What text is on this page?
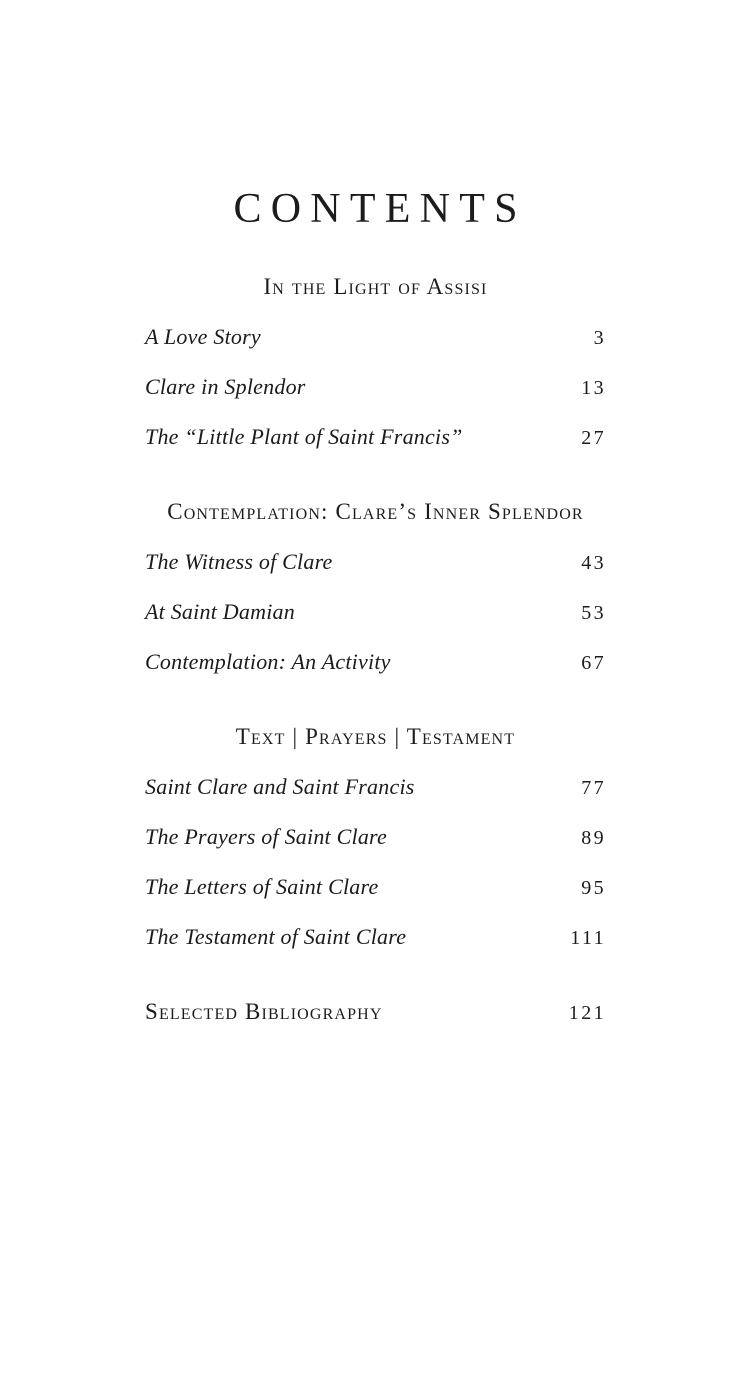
CONTENTS
In the Light of Assisi
A Love Story	3
Clare in Splendor	13
The “Little Plant of Saint Francis”	27
Contemplation: Clare’s Inner Splendor
The Witness of Clare	43
At Saint Damian	53
Contemplation: An Activity	67
Text | Prayers | Testament
Saint Clare and Saint Francis	77
The Prayers of Saint Clare	89
The Letters of Saint Clare	95
The Testament of Saint Clare	111
Selected Bibliography	121
